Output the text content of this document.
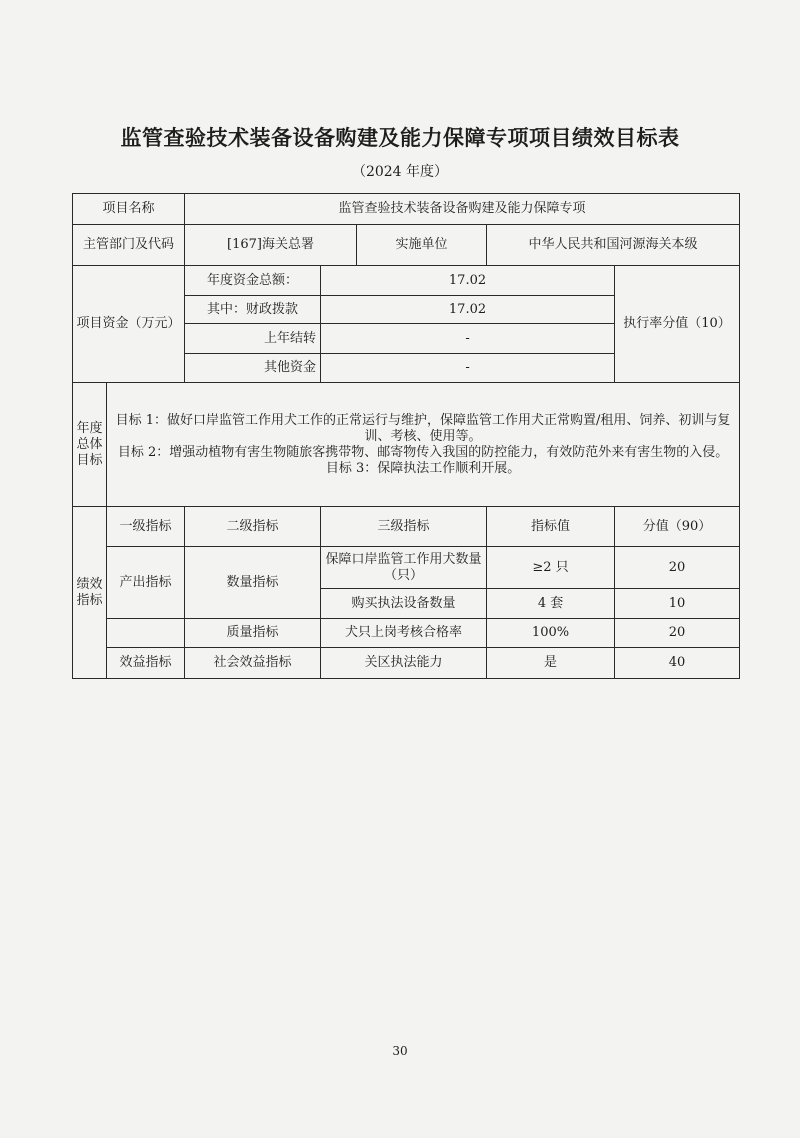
监管查验技术装备设备购建及能力保障专项项目绩效目标表
（2024 年度）
项目名称		监管查验技术装备设备购建及能力保障专项				
主管部门及代码		[167]海关总署		实施单位	中华人民共和国河源海关本级	
项目资金（万元）		年度资金总额：	17.02			执行率分值（10）
		其中：财政拨款	17.02			
		上年结转	-			
		其他资金	-			
年度总体目标	目标 1：做好口岸监管工作用犬工作的正常运行与维护，保障监管工作用犬正常购置/租用、饲养、初训与复训、考核、使用等。
目标 2：增强动植物有害生物随旅客携带物、邮寄物传入我国的防控能力，有效防范外来有害生物的入侵。
目标 3：保障执法工作顺利开展。					

绩效指标	一级指标	二级指标	三级指标		指标值	分值（90）
	产出指标	数量指标	保障口岸监管工作用犬数量（只）		≥2 只	20
			购买执法设备数量		4 套	10
		质量指标	犬只上岗考核合格率		100%	20
	效益指标	社会效益指标	关区执法能力		是	40
30
